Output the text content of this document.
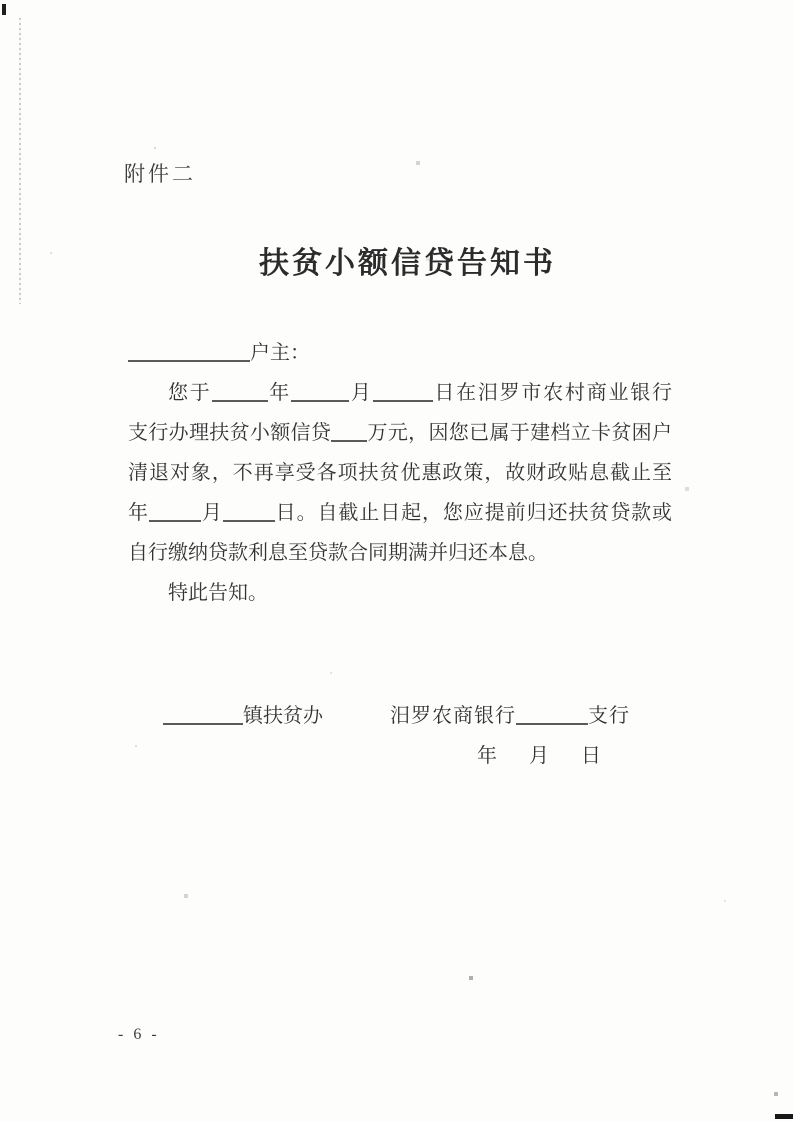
附件二
扶贫小额信贷告知书
户主：
您于	年	月	日在汨罗市农村商业银行
支行办理扶贫小额信贷 万元，因您已属于建档立卡贫困户
清退对象，不再享受各项扶贫优惠政策，故财政贴息截止至
年	月	日。自截止日起，您应提前归还扶贫贷款或
自行缴纳贷款利息至贷款合同期满并归还本息。
特此告知。
镇扶贫办	汨罗农商银行	支行
年　月　日
- 6 -
